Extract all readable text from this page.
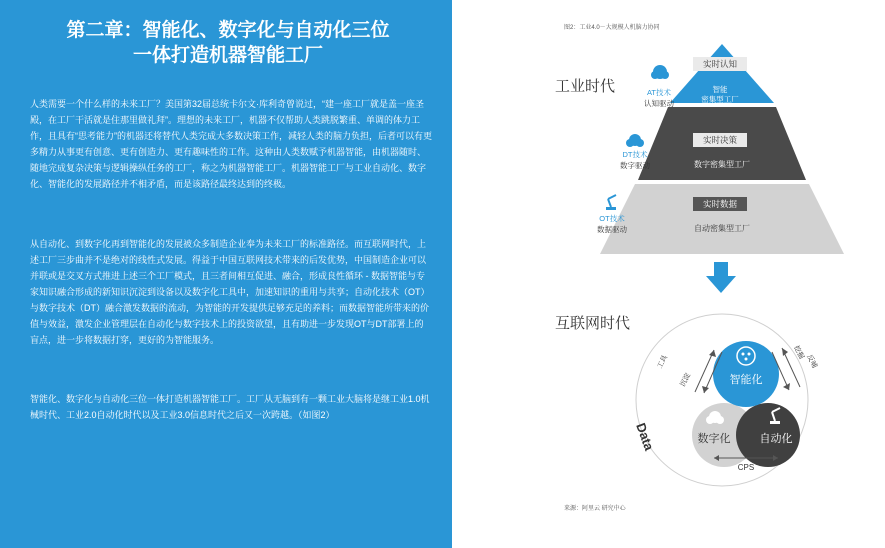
第二章：智能化、数字化与自动化三位
一体打造机器智能工厂

人类需要一个什么样的未来工厂？美国第32届总统卡尔文·库利奇曾说过，“建一座工厂就是盖一座圣殿，在工厂干活就是住那里做礼拜”。理想的未来工厂，机器不仅帮助人类跳脱繁重、单调的体力工作，且具有“思考能力”的机器还将替代人类完成大多数决策工作，减轻人类的脑力负担，后者可以有更多精力从事更有创意、更有创造力、更有趣味性的工作。这种由人类数赋予机器智能，由机器随时、随地完成复杂决策与逻辑操纵任务的工厂，称之为机器智能工厂。机器智能工厂与工业自动化、数字化、智能化的发展路径并不相矛盾，而是该路径最终达到的终极。

从自动化、到数字化再到智能化的发展被众多制造企业奉为未来工厂的标准路径。而互联网时代，上述工厂三步曲并不是绝对的线性式发展。得益于中国互联网技术带来的后发优势，中国制造企业可以并联或是交叉方式推进上述三个工厂模式，且三者间相互促进、融合，形成良性循环 - 数据智能与专家知识融合形成的新知识沉淀到设备以及数字化工具中，加速知识的重用与共享；自动化技术（OT）与数字技术（DT）融合激发数据的流动，为智能的开发提供足够充足的养料；而数据智能所带来的价值与效益，激发企业管理层在自动化与数字技术上的投资欲望，且有助进一步发现OT与DT部署上的盲点，进一步将数据打穿，更好的为智能服务。

智能化、数字化与自动化三位一体打造机器智能工厂。工厂从无脑到有一颗工业大脑将是继工业1.0机械时代、工业2.0自动化时代以及工业3.0信息时代之后又一次跨越。（如图2）

图2：工业4.0－大规模人机脑力协同
工业时代
互联网时代
实时认知
智能
密集型工厂
实时决策
数字密集型工厂
实时数据
自动密集型工厂
AT技术
认知驱动
DT技术
数字驱动
OT技术
数据驱动
智能化
数字化	自动化
工具
沉淀
挖掘
反哺
Data
CPS
来源：阿里云 研究中心
